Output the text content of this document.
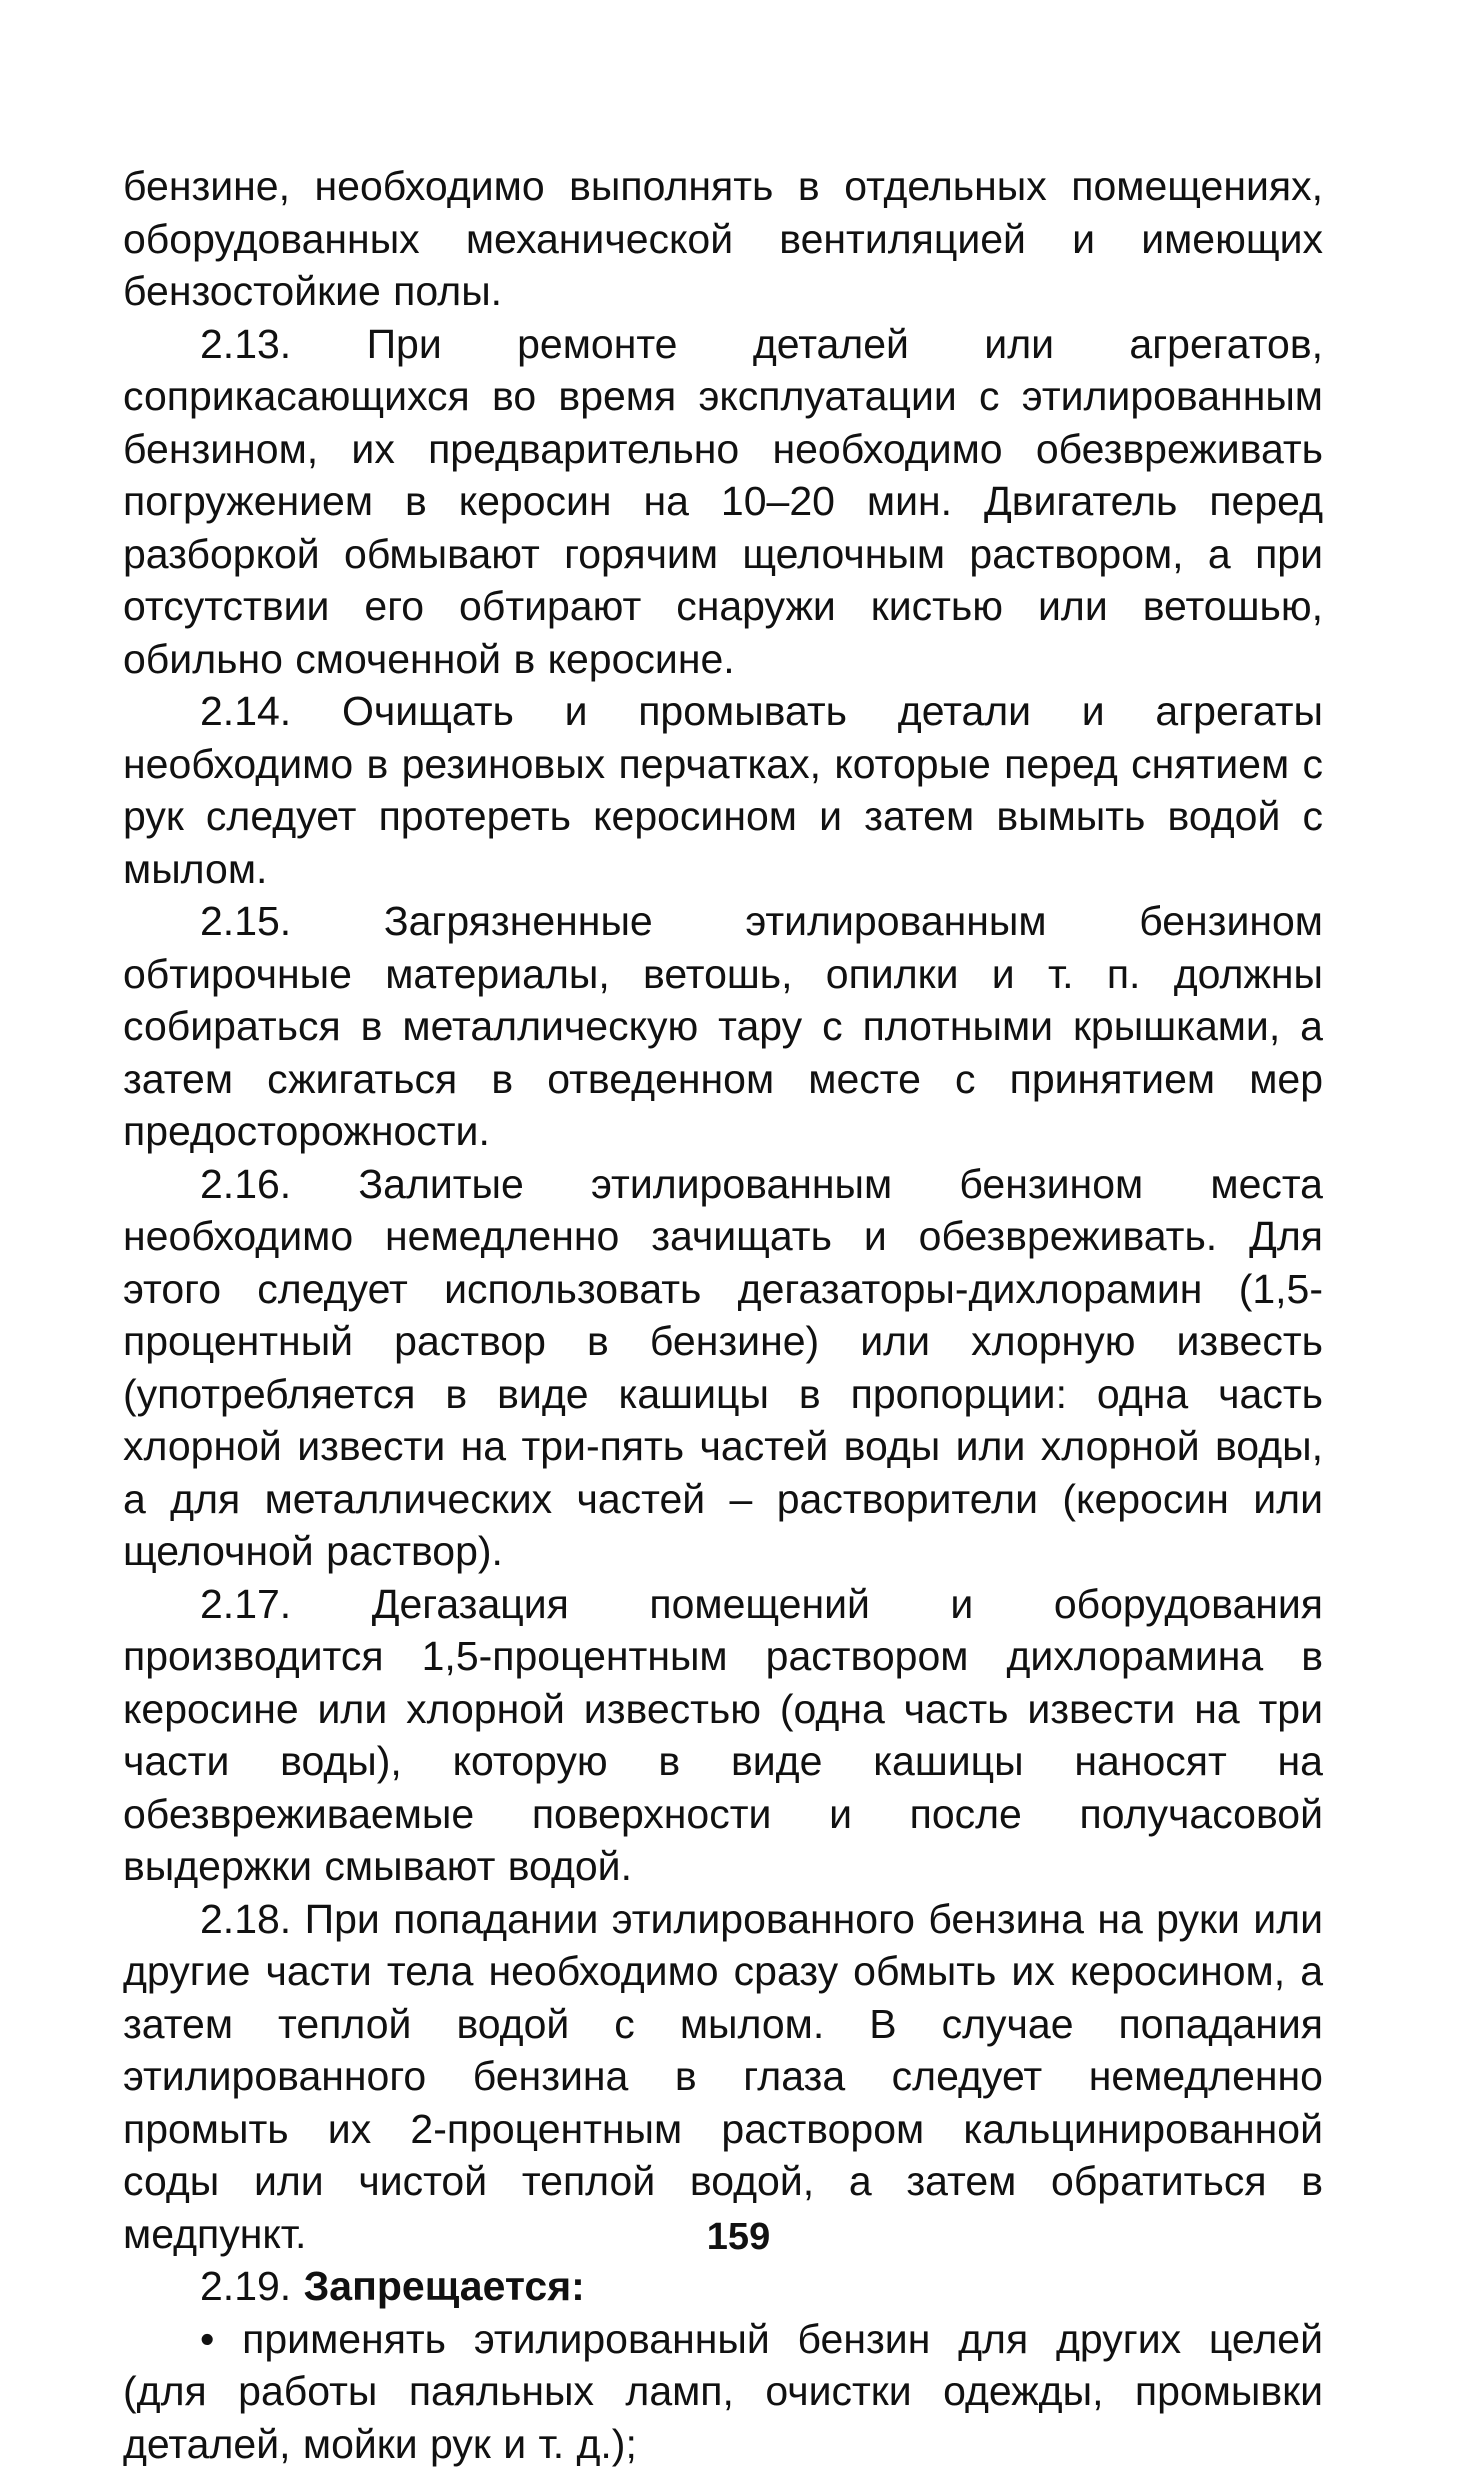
бензине, необходимо выполнять в отдельных помещениях, оборудованных механической вентиляцией и имеющих бензостойкие полы.

2.13. При ремонте деталей или агрегатов, соприкасающихся во время эксплуатации с этилированным бензином, их предварительно необходимо обезвреживать погружением в керосин на 10–20 мин. Двигатель перед разборкой обмывают горячим щелочным раствором, а при отсутствии его обтирают снаружи кистью или ветошью, обильно смоченной в керосине.

2.14. Очищать и промывать детали и агрегаты необходимо в резиновых перчатках, которые перед снятием с рук следует протереть керосином и затем вымыть водой с мылом.

2.15. Загрязненные этилированным бензином обтирочные материалы, ветошь, опилки и т. п. должны собираться в металлическую тару с плотными крышками, а затем сжигаться в отведенном месте с принятием мер предосторожности.

2.16. Залитые этилированным бензином места необходимо немедленно зачищать и обезвреживать. Для этого следует использовать дегазаторы-дихлорамин (1,5-процентный раствор в бензине) или хлорную известь (употребляется в виде кашицы в пропорции: одна часть хлорной извести на три-пять частей воды или хлорной воды, а для металлических частей – растворители (керосин или щелочной раствор).

2.17. Дегазация помещений и оборудования производится 1,5-процентным раствором дихлорамина в керосине или хлорной известью (одна часть извести на три части воды), которую в виде кашицы наносят на обезвреживаемые поверхности и после получасовой выдержки смывают водой.

2.18. При попадании этилированного бензина на руки или другие части тела необходимо сразу обмыть их керосином, а затем теплой водой с мылом. В случае попадания этилированного бензина в глаза следует немедленно промыть их 2-процентным раствором кальцинированной соды или чистой теплой водой, а затем обратиться в медпункт.

2.19. Запрещается:

• применять этилированный бензин для других целей (для работы паяльных ламп, очистки одежды, промывки деталей, мойки рук и т. д.);

159
